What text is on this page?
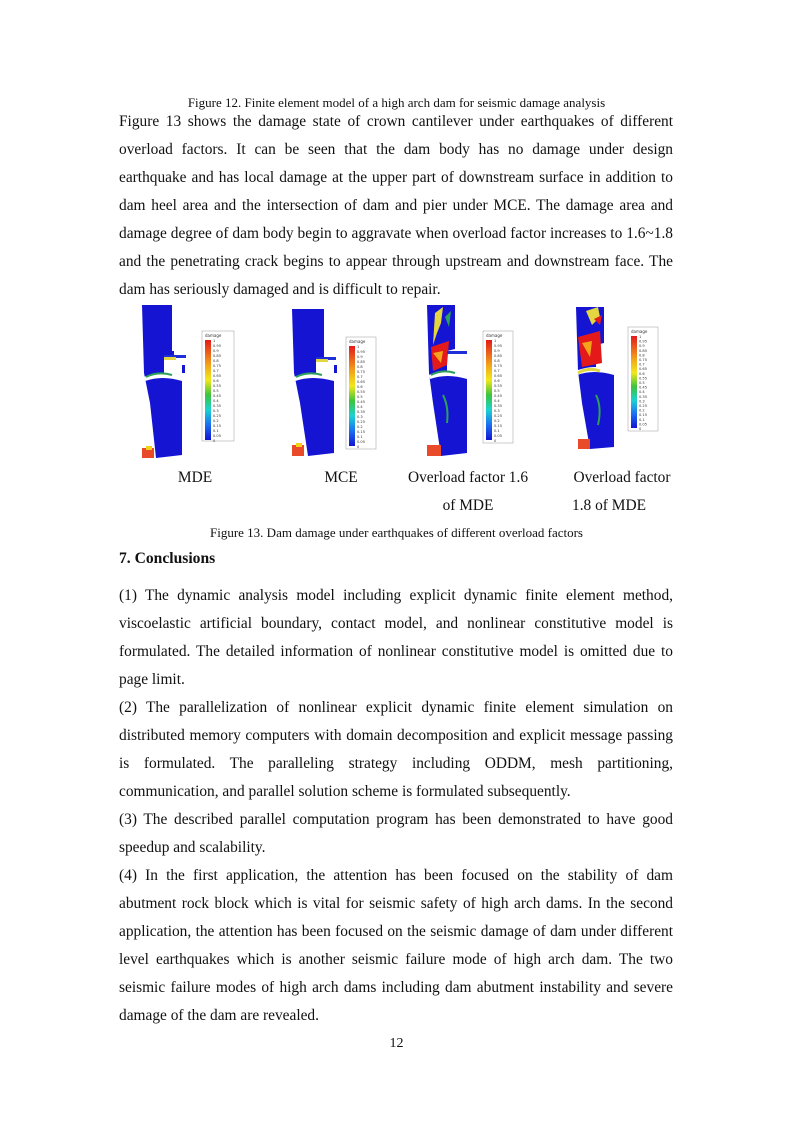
Figure 12. Finite element model of a high arch dam for seismic damage analysis

Figure 13 shows the damage state of crown cantilever under earthquakes of different overload factors. It can be seen that the dam body has no damage under design earthquake and has local damage at the upper part of downstream surface in addition to dam heel area and the intersection of dam and pier under MCE. The damage area and damage degree of dam body begin to aggravate when overload factor increases to 1.6~1.8 and the penetrating crack begins to appear through upstream and downstream face. The dam has seriously damaged and is difficult to repair.

damage
1
0.95
0.9
0.85
0.8
0.75
0.7
0.65
0.6
0.55
0.5
0.45
0.4
0.35
0.3
0.25
0.2
0.15
0.1
0.05
0
damage
1
0.95
0.9
0.85
0.8
0.75
0.7
0.65
0.6
0.55
0.5
0.45
0.4
0.35
0.3
0.25
0.2
0.15
0.1
0.05
0
damage
1
0.95
0.9
0.85
0.8
0.75
0.7
0.65
0.6
0.55
0.5
0.45
0.4
0.35
0.3
0.25
0.2
0.15
0.1
0.05
0
damage
1
0.95
0.9
0.85
0.8
0.75
0.7
0.65
0.6
0.55
0.5
0.45
0.4
0.35
0.3
0.25
0.2
0.15
0.1
0.05
0
MDE	MCE	Overload factor 1.6
of MDE
Overload factor
1.8 of MDE
Figure 13. Dam damage under earthquakes of different overload factors
7. Conclusions

(1) The dynamic analysis model including explicit dynamic finite element method, viscoelastic artificial boundary, contact model, and nonlinear constitutive model is formulated. The detailed information of nonlinear constitutive model is omitted due to page limit.

(2) The parallelization of nonlinear explicit dynamic finite element simulation on distributed memory computers with domain decomposition and explicit message passing is formulated. The paralleling strategy including ODDM, mesh partitioning, communication, and parallel solution scheme is formulated subsequently.

(3) The described parallel computation program has been demonstrated to have good speedup and scalability.

(4) In the first application, the attention has been focused on the stability of dam abutment rock block which is vital for seismic safety of high arch dams. In the second application, the attention has been focused on the seismic damage of dam under different level earthquakes which is another seismic failure mode of high arch dam. The two seismic failure modes of high arch dams including dam abutment instability and severe damage of the dam are revealed.

12
